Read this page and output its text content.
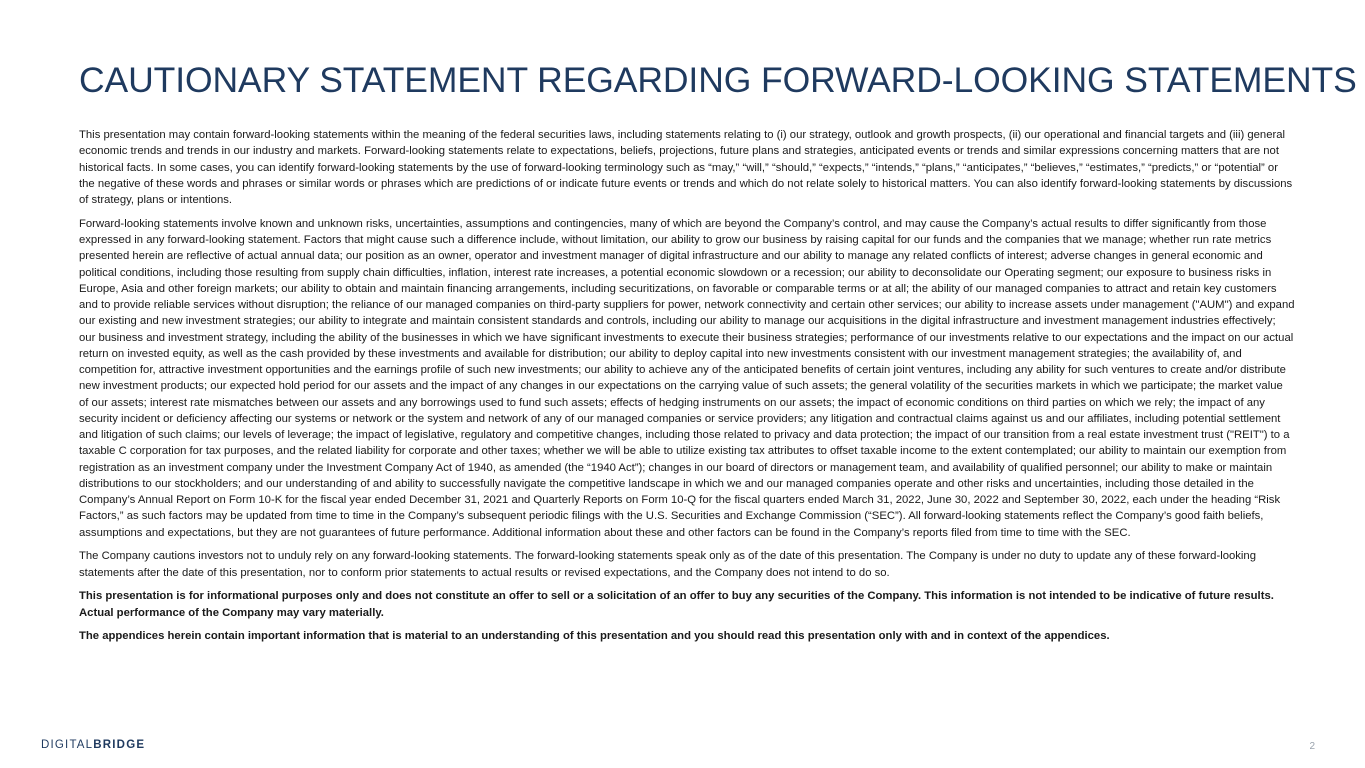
CAUTIONARY STATEMENT REGARDING FORWARD-LOOKING STATEMENTS

This presentation may contain forward-looking statements within the meaning of the federal securities laws, including statements relating to (i) our strategy, outlook and growth prospects, (ii) our operational and financial targets and (iii) general economic trends and trends in our industry and markets. Forward-looking statements relate to expectations, beliefs, projections, future plans and strategies, anticipated events or trends and similar expressions concerning matters that are not historical facts. In some cases, you can identify forward-looking statements by the use of forward-looking terminology such as “may,” “will,” “should,” “expects,” “intends,” “plans,” “anticipates,” “believes,” “estimates,” “predicts,” or “potential” or the negative of these words and phrases or similar words or phrases which are predictions of or indicate future events or trends and which do not relate solely to historical matters. You can also identify forward-looking statements by discussions of strategy, plans or intentions.

Forward-looking statements involve known and unknown risks, uncertainties, assumptions and contingencies, many of which are beyond the Company’s control, and may cause the Company’s actual results to differ significantly from those expressed in any forward-looking statement. Factors that might cause such a difference include, without limitation, our ability to grow our business by raising capital for our funds and the companies that we manage; whether run rate metrics presented herein are reflective of actual annual data; our position as an owner, operator and investment manager of digital infrastructure and our ability to manage any related conflicts of interest; adverse changes in general economic and political conditions, including those resulting from supply chain difficulties, inflation, interest rate increases, a potential economic slowdown or a recession; our ability to deconsolidate our Operating segment; our exposure to business risks in Europe, Asia and other foreign markets; our ability to obtain and maintain financing arrangements, including securitizations, on favorable or comparable terms or at all; the ability of our managed companies to attract and retain key customers and to provide reliable services without disruption; the reliance of our managed companies on third-party suppliers for power, network connectivity and certain other services; our ability to increase assets under management ("AUM") and expand our existing and new investment strategies; our ability to integrate and maintain consistent standards and controls, including our ability to manage our acquisitions in the digital infrastructure and investment management industries effectively; our business and investment strategy, including the ability of the businesses in which we have significant investments to execute their business strategies; performance of our investments relative to our expectations and the impact on our actual return on invested equity, as well as the cash provided by these investments and available for distribution; our ability to deploy capital into new investments consistent with our investment management strategies; the availability of, and competition for, attractive investment opportunities and the earnings profile of such new investments; our ability to achieve any of the anticipated benefits of certain joint ventures, including any ability for such ventures to create and/or distribute new investment products; our expected hold period for our assets and the impact of any changes in our expectations on the carrying value of such assets; the general volatility of the securities markets in which we participate; the market value of our assets; interest rate mismatches between our assets and any borrowings used to fund such assets; effects of hedging instruments on our assets; the impact of economic conditions on third parties on which we rely; the impact of any security incident or deficiency affecting our systems or network or the system and network of any of our managed companies or service providers; any litigation and contractual claims against us and our affiliates, including potential settlement and litigation of such claims; our levels of leverage; the impact of legislative, regulatory and competitive changes, including those related to privacy and data protection; the impact of our transition from a real estate investment trust ("REIT") to a taxable C corporation for tax purposes, and the related liability for corporate and other taxes; whether we will be able to utilize existing tax attributes to offset taxable income to the extent contemplated; our ability to maintain our exemption from registration as an investment company under the Investment Company Act of 1940, as amended (the “1940 Act”); changes in our board of directors or management team, and availability of qualified personnel; our ability to make or maintain distributions to our stockholders; and our understanding of and ability to successfully navigate the competitive landscape in which we and our managed companies operate and other risks and uncertainties, including those detailed in the Company’s Annual Report on Form 10-K for the fiscal year ended December 31, 2021 and Quarterly Reports on Form 10-Q for the fiscal quarters ended March 31, 2022, June 30, 2022 and September 30, 2022, each under the heading “Risk Factors,” as such factors may be updated from time to time in the Company’s subsequent periodic filings with the U.S. Securities and Exchange Commission (“SEC”). All forward-looking statements reflect the Company’s good faith beliefs, assumptions and expectations, but they are not guarantees of future performance. Additional information about these and other factors can be found in the Company’s reports filed from time to time with the SEC.

The Company cautions investors not to unduly rely on any forward-looking statements. The forward-looking statements speak only as of the date of this presentation. The Company is under no duty to update any of these forward-looking statements after the date of this presentation, nor to conform prior statements to actual results or revised expectations, and the Company does not intend to do so.

This presentation is for informational purposes only and does not constitute an offer to sell or a solicitation of an offer to buy any securities of the Company. This information is not intended to be indicative of future results. Actual performance of the Company may vary materially.

The appendices herein contain important information that is material to an understanding of this presentation and you should read this presentation only with and in context of the appendices.

DIGITALBRIDGE	2
